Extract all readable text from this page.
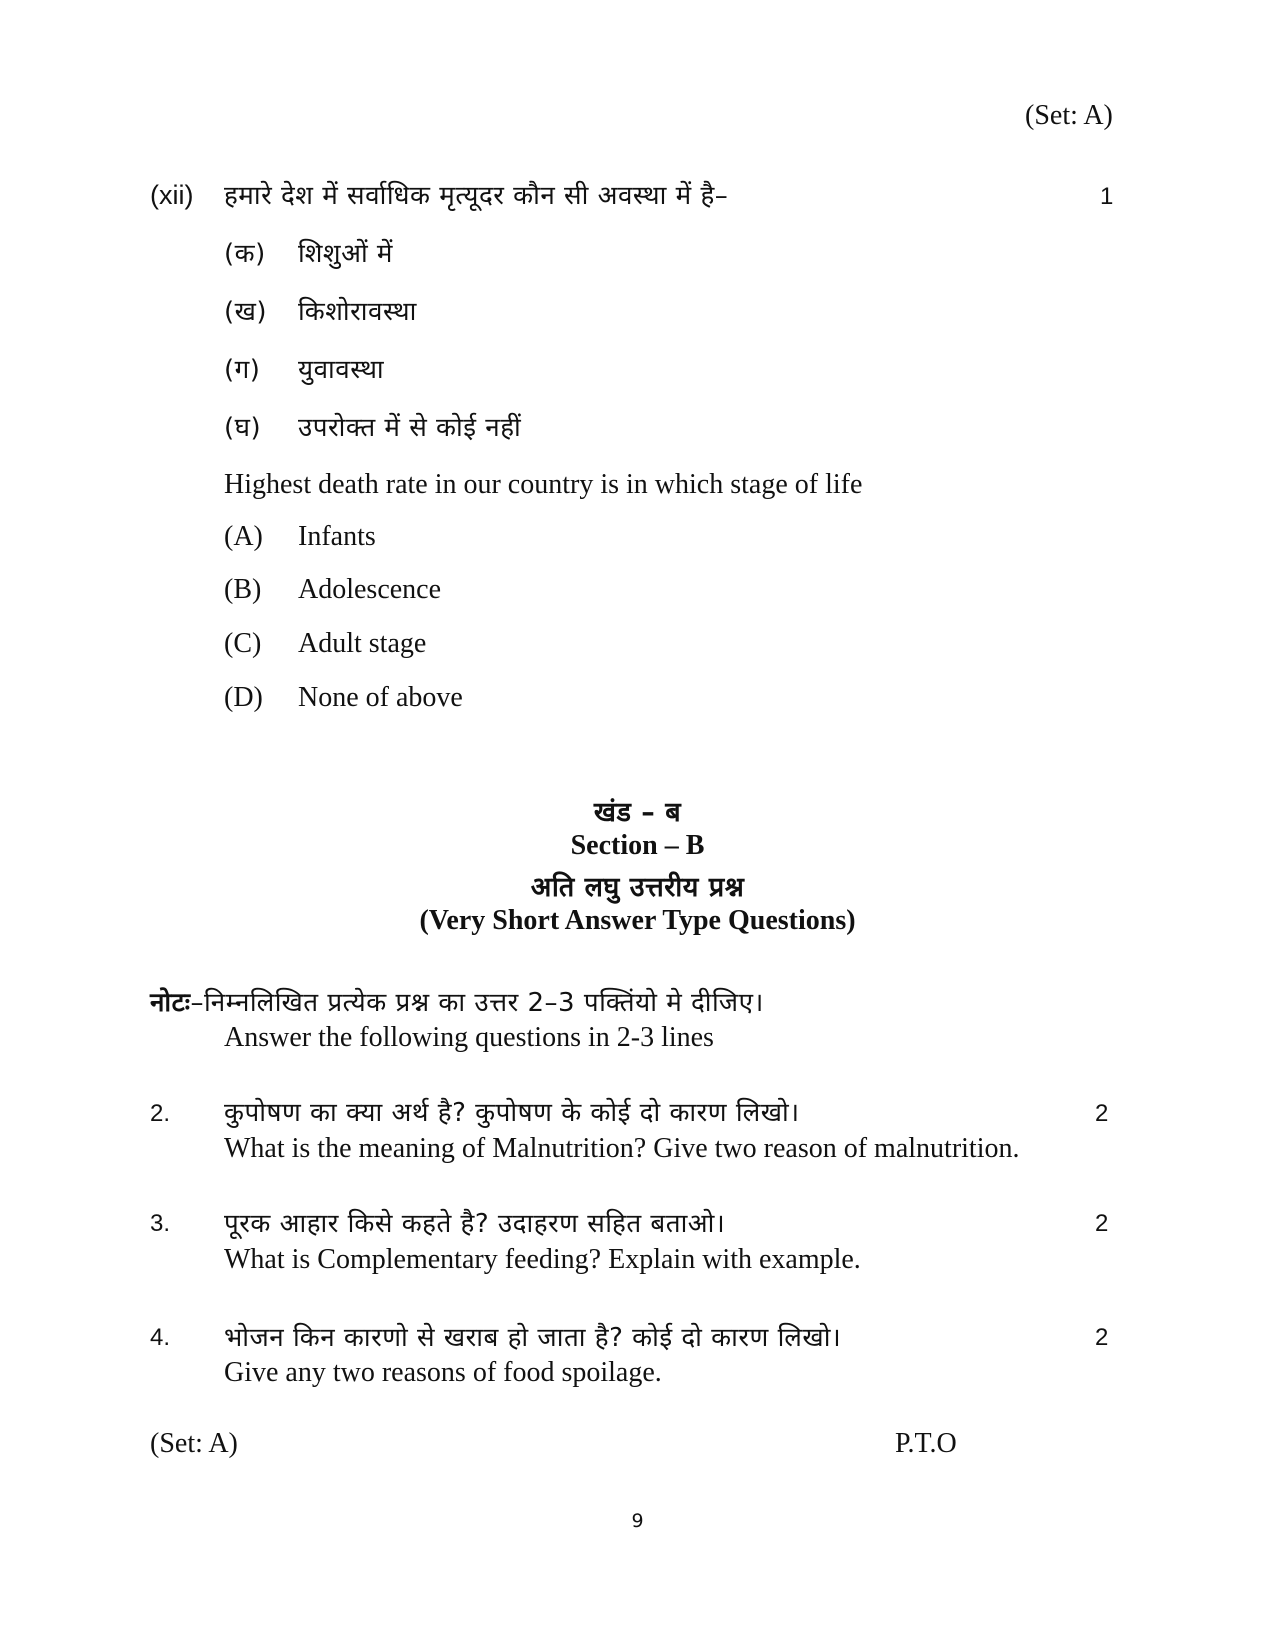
(Set: A)
(xii) हमारे देश में सर्वाधिक मृत्यूदर कौन सी अवस्था में है–	1
(क) शिशुओं में
(ख) किशोरावस्था
(ग) युवावस्था
(घ) उपरोक्त में से कोई नहीं
Highest death rate in our country is in which stage of life
(A) Infants
(B) Adolescence
(C) Adult stage
(D) None of above
खंड – ब
Section – B
अति लघु उत्तरीय प्रश्न
(Very Short Answer Type Questions)
नोटः–निम्नलिखित प्रत्येक प्रश्न का उत्तर 2–3 पक्तिंयो मे दीजिए।
Answer the following questions in 2-3 lines
2. कुपोषण का क्या अर्थ है? कुपोषण के कोई दो कारण लिखो।	2
What is the meaning of Malnutrition? Give two reason of malnutrition.
3. पूरक आहार किसे कहते है? उदाहरण सहित बताओ।	2
What is Complementary feeding? Explain with example.
4. भोजन किन कारणो से खराब हो जाता है? कोई दो कारण लिखो।	2
Give any two reasons of food spoilage.
(Set: A)	P.T.O
9
